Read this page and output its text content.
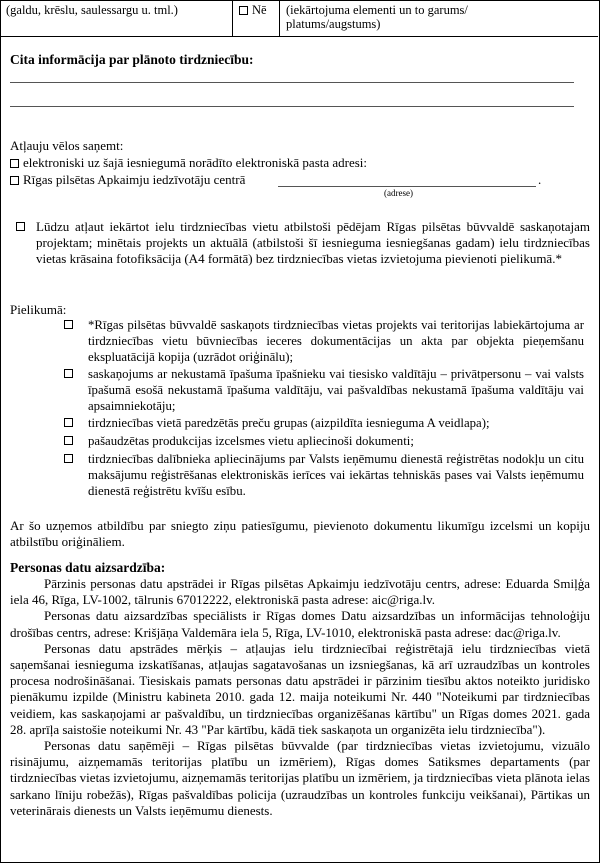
(galdu, krēslu, saulessargu u. tml.)	Nē	(iekārtojuma elementi un to garums/
platums/augstums)
Cita informācija par plānoto tirdzniecību:
Atļauju vēlos saņemt:
elektroniski uz šajā iesniegumā norādīto elektroniskā pasta adresi:
Rīgas pilsētas Apkaimju iedzīvotāju centrā	.
(adrese)
Lūdzu atļaut iekārtot ielu tirdzniecības vietu atbilstoši pēdējam Rīgas pilsētas būvvaldē saskaņotajam projektam; minētais projekts un aktuālā (atbilstoši šī iesnieguma iesniegšanas gadam) ielu tirdzniecības vietas krāsaina fotofiksācija (A4 formātā) bez tirdzniecības vietas izvietojuma pievienoti pielikumā.*
Pielikumā:
*Rīgas pilsētas būvvaldē saskaņots tirdzniecības vietas projekts vai teritorijas labiekārtojuma ar tirdzniecības vietu būvniecības ieceres dokumentācijas un akta par objekta pieņemšanu ekspluatācijā kopija (uzrādot oriģinālu);
saskaņojums ar nekustamā īpašuma īpašnieku vai tiesisko valdītāju – privātpersonu – vai valsts īpašumā esošā nekustamā īpašuma valdītāju, vai pašvaldības nekustamā īpašuma valdītāju vai apsaimniekotāju;
tirdzniecības vietā paredzētās preču grupas (aizpildīta iesnieguma A veidlapa);
pašaudzētas produkcijas izcelsmes vietu apliecinoši dokumenti;
tirdzniecības dalībnieka apliecinājums par Valsts ieņēmumu dienestā reģistrētas nodokļu un citu maksājumu reģistrēšanas elektroniskās ierīces vai iekārtas tehniskās pases vai Valsts ieņēmumu dienestā reģistrētu kvīšu esību.
Ar šo uzņemos atbildību par sniegto ziņu patiesīgumu, pievienoto dokumentu likumīgu izcelsmi un kopiju atbilstību oriģināliem.
Personas datu aizsardzība:
Pārzinis personas datu apstrādei ir Rīgas pilsētas Apkaimju iedzīvotāju centrs, adrese: Eduarda Smiļģa iela 46, Rīga, LV-1002, tālrunis 67012222, elektroniskā pasta adrese: aic@riga.lv.
Personas datu aizsardzības speciālists ir Rīgas domes Datu aizsardzības un informācijas tehnoloģiju drošības centrs, adrese: Krišjāņa Valdemāra iela 5, Rīga, LV-1010, elektroniskā pasta adrese: dac@riga.lv.
Personas datu apstrādes mērķis – atļaujas ielu tirdzniecībai reģistrētajā ielu tirdzniecības vietā saņemšanai iesnieguma izskatīšanas, atļaujas sagatavošanas un izsniegšanas, kā arī uzraudzības un kontroles procesa nodrošināšanai. Tiesiskais pamats personas datu apstrādei ir pārzinim tiesību aktos noteikto juridisko pienākumu izpilde (Ministru kabineta 2010. gada 12. maija noteikumi Nr. 440 "Noteikumi par tirdzniecības veidiem, kas saskaņojami ar pašvaldību, un tirdzniecības organizēšanas kārtību" un Rīgas domes 2021. gada 28. aprīļa saistošie noteikumi Nr. 43 "Par kārtību, kādā tiek saskaņota un organizēta ielu tirdzniecība").
Personas datu saņēmēji – Rīgas pilsētas būvvalde (par tirdzniecības vietas izvietojumu, vizuālo risinājumu, aizņemamās teritorijas platību un izmēriem), Rīgas domes Satiksmes departaments (par tirdzniecības vietas izvietojumu, aizņemamās teritorijas platību un izmēriem, ja tirdzniecības vieta plānota ielas sarkano līniju robežās), Rīgas pašvaldības policija (uzraudzības un kontroles funkciju veikšanai), Pārtikas un veterinārais dienests un Valsts ieņēmumu dienests.
